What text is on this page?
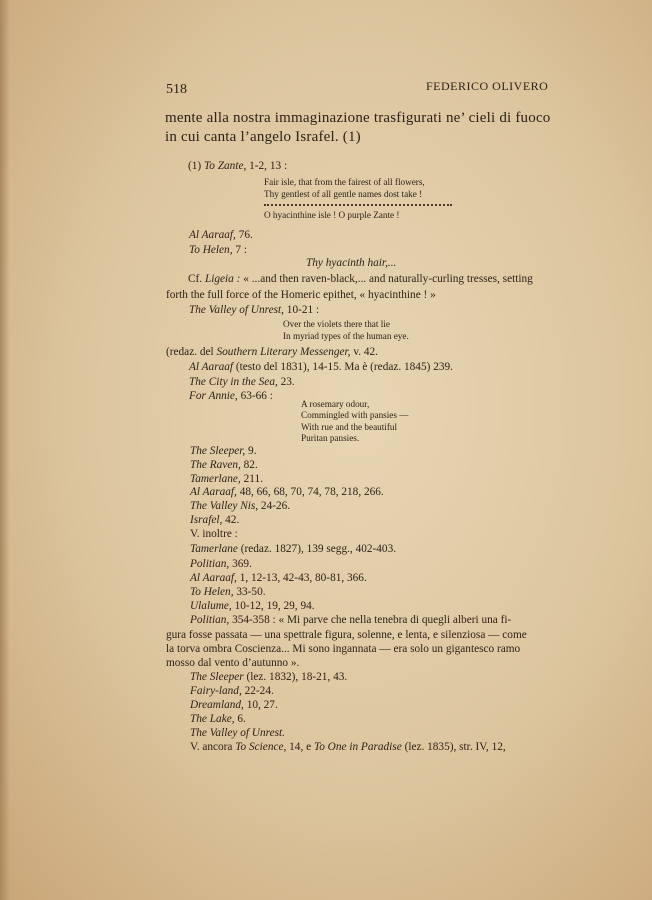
518	FEDERICO OLIVERO
mente alla nostra immaginazione trasfigurati ne’ cieli di fuoco
in cui canta l’angelo Israfel. (1)
(1) To Zante, 1-2, 13 :
Fair isle, that from the fairest of all flowers,
Thy gentlest of all gentle names dost take !
O hyacinthine isle ! O purple Zante !
Al Aaraaf, 76.
To Helen, 7 :
Thy hyacinth hair,...
Cf. Ligeia : « ...and then raven-black,... and naturally-curling tresses, setting
forth the full force of the Homeric epithet, « hyacinthine ! »
The Valley of Unrest, 10-21 :
Over the violets there that lie
In myriad types of the human eye.
(redaz. del Southern Literary Messenger, v. 42.
Al Aaraaf (testo del 1831), 14-15. Ma è (redaz. 1845) 239.
The City in the Sea, 23.
For Annie, 63-66 :
A rosemary odour,
Commingled with pansies —
With rue and the beautiful
Puritan pansies.
The Sleeper, 9.
The Raven, 82.
Tamerlane, 211.
Al Aaraaf, 48, 66, 68, 70, 74, 78, 218, 266.
The Valley Nis, 24-26.
Israfel, 42.
V. inoltre :
Tamerlane (redaz. 1827), 139 segg., 402-403.
Politian, 369.
Al Aaraaf, 1, 12-13, 42-43, 80-81, 366.
To Helen, 33-50.
Ulalume, 10-12, 19, 29, 94.
Politian, 354-358 : « Mi parve che nella tenebra di quegli alberi una fi-
gura fosse passata — una spettrale figura, solenne, e lenta, e silenziosa — come
la torva ombra Coscienza... Mi sono ingannata — era solo un gigantesco ramo
mosso dal vento d’autunno ».
The Sleeper (lez. 1832), 18-21, 43.
Fairy-land, 22-24.
Dreamland, 10, 27.
The Lake, 6.
The Valley of Unrest.
V. ancora To Science, 14, e To One in Paradise (lez. 1835), str. IV, 12,
